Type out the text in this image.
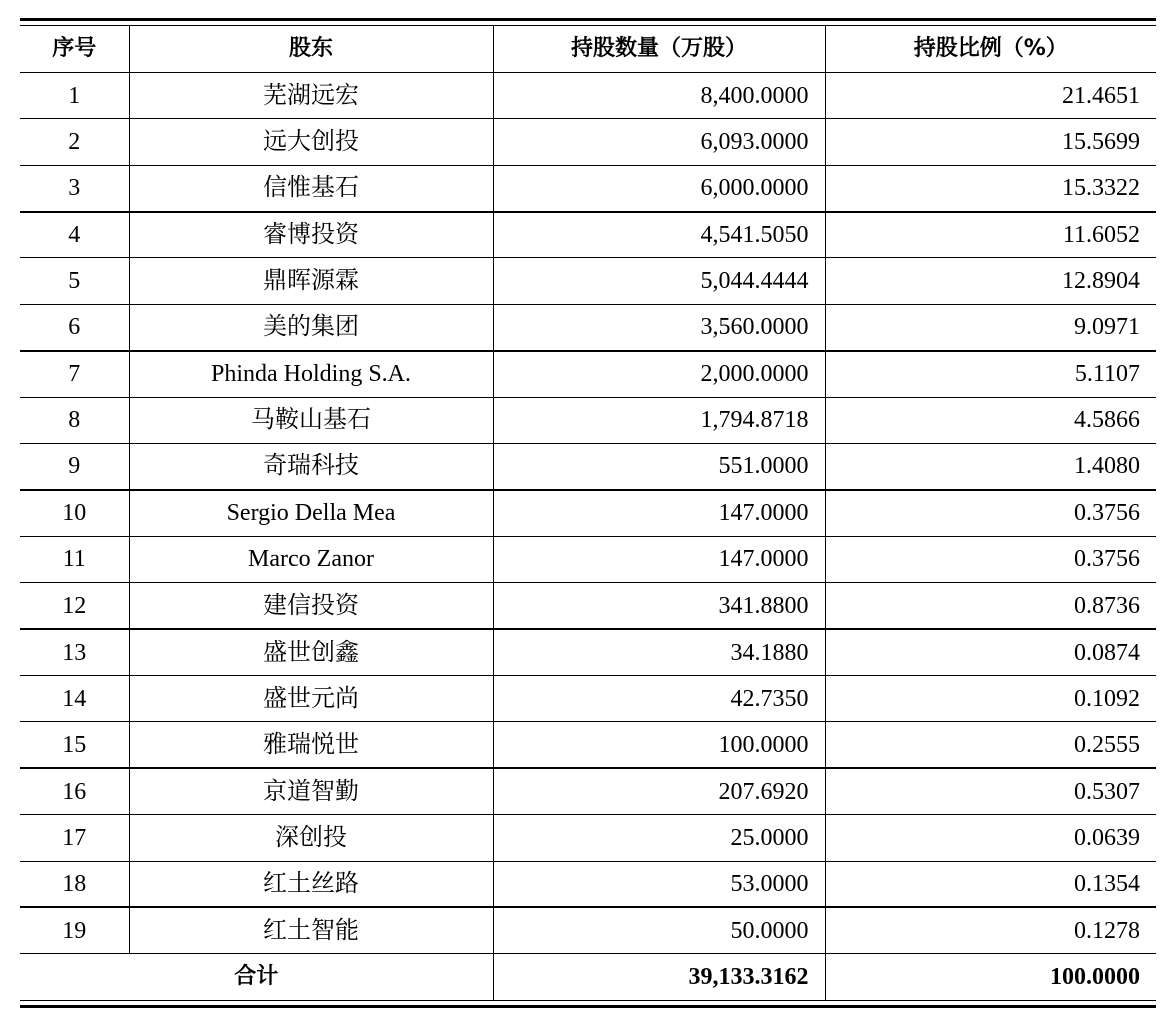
序号	股东	持股数量（万股）	持股比例（%）
1	芜湖远宏	8,400.0000	21.4651
2	远大创投	6,093.0000	15.5699
3	信惟基石	6,000.0000	15.3322
4	睿博投资	4,541.5050	11.6052
5	鼎晖源霖	5,044.4444	12.8904
6	美的集团	3,560.0000	9.0971
7	Phinda Holding S.A.	2,000.0000	5.1107
8	马鞍山基石	1,794.8718	4.5866
9	奇瑞科技	551.0000	1.4080
10	Sergio Della Mea	147.0000	0.3756
11	Marco Zanor	147.0000	0.3756
12	建信投资	341.8800	0.8736
13	盛世创鑫	34.1880	0.0874
14	盛世元尚	42.7350	0.1092
15	雅瑞悦世	100.0000	0.2555
16	京道智勤	207.6920	0.5307
17	深创投	25.0000	0.0639
18	红土丝路	53.0000	0.1354
19	红土智能	50.0000	0.1278
合计		39,133.3162	100.0000
